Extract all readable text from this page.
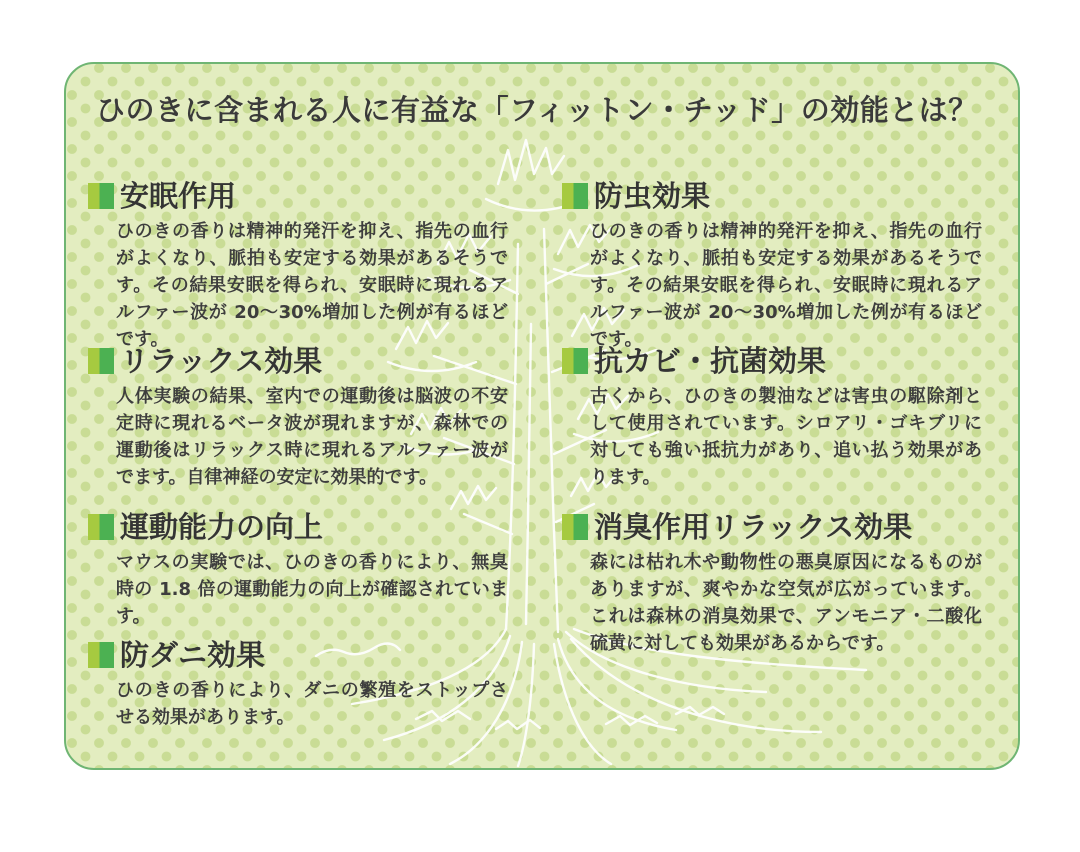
ひのきに含まれる人に有益な「フィットン・チッド」の効能とは？
安眠作用

ひのきの香りは精神的発汗を抑え、指先の血行がよくなり、脈拍も安定する効果があるそうです。その結果安眠を得られ、安眠時に現れるアルファー波が 20〜30%増加した例が有るほどです。

リラックス効果

人体実験の結果、室内での運動後は脳波の不安定時に現れるベータ波が現れますが、森林での運動後はリラックス時に現れるアルファー波がでます。自律神経の安定に効果的です。

運動能力の向上

マウスの実験では、ひのきの香りにより、無臭時の 1.8 倍の運動能力の向上が確認されています。

防ダニ効果

ひのきの香りにより、ダニの繁殖をストップさせる効果があります。

防虫効果

ひのきの香りは精神的発汗を抑え、指先の血行がよくなり、脈拍も安定する効果があるそうです。その結果安眠を得られ、安眠時に現れるアルファー波が 20〜30%増加した例が有るほどです。

抗カビ・抗菌効果

古くから、ひのきの製油などは害虫の駆除剤として使用されています。シロアリ・ゴキブリに対しても強い抵抗力があり、追い払う効果があります。

消臭作用リラックス効果

森には枯れ木や動物性の悪臭原因になるものがありますが、爽やかな空気が広がっています。これは森林の消臭効果で、アンモニア・二酸化硫黄に対しても効果があるからです。
